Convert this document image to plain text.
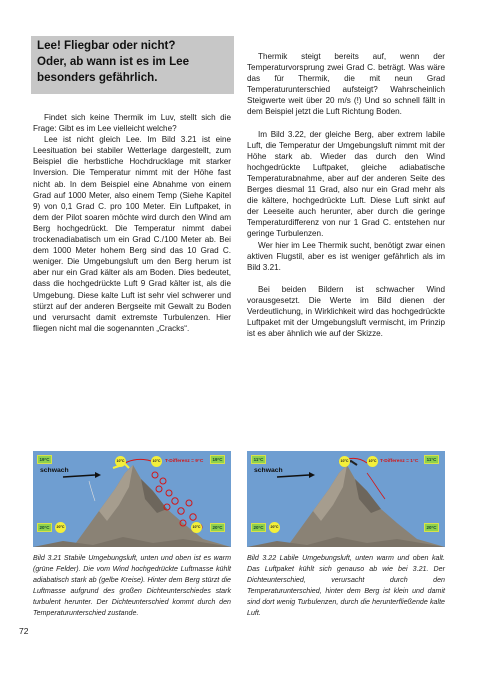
Lee! Fliegbar oder nicht?
Oder, ab wann ist es im Lee
besonders gefährlich.

Findet sich keine Thermik im Luv, stellt sich die Frage: Gibt es im Lee vielleicht welche?

Lee ist nicht gleich Lee. Im Bild 3.21 ist eine Leesituation bei stabiler Wetterlage dargestellt, zum Beispiel die herbstliche Hochdrucklage mit starker Inversion. Die Temperatur nimmt mit der Höhe fast nicht ab. In dem Beispiel eine Abnahme von einem Grad auf 1000 Meter, also einem Temp (Siehe Kapitel 9) von 0,1 Grad C. pro 100 Meter. Ein Luftpaket, in dem der Pilot soaren möchte wird durch den Wind am Berg hochgedrückt. Die Temperatur nimmt dabei trockenadiabatisch um ein Grad C./100 Meter ab. Bei dem 1000 Meter hohem Berg sind das 10 Grad C. weniger. Die Umgebungsluft um den Berg herum ist aber nur ein Grad kälter als am Boden. Dies bedeutet, dass die hochgedrückte Luft 9 Grad kälter ist, als die Umgebung. Diese kalte Luft ist sehr viel schwerer und stürzt auf der anderen Bergseite mit Gewalt zu Boden und verursacht damit extremste Turbulenzen. Hier fliegen nicht mal die sogenannten „Cracks“.

Thermik steigt bereits auf, wenn der Temperaturvorsprung zwei Grad C. beträgt. Was wäre das für Thermik, die mit neun Grad Temperaturunterschied aufsteigt? Wahrscheinlich Steigwerte weit über 20 m/s (!) Und so schnell fällt in dem Beispiel jetzt die Luft Richtung Boden.

Im Bild 3.22, der gleiche Berg, aber extrem labile Luft, die Temperatur der Umgebungsluft nimmt mit der Höhe stark ab. Wieder das durch den Wind hochgedrückte Luftpaket, gleiche adiabatische Temperaturabnahme, aber auf der anderen Seite des Berges diesmal 11 Grad, also nur ein Grad mehr als die kältere, hochgedrückte Luft. Diese Luft sinkt auf der Leeseite auch herunter, aber durch die geringe Temperaturdifferenz von nur 1 Grad C. entstehen nur geringe Turbulenzen.

Wer hier im Lee Thermik sucht, benötigt zwar einen aktiven Flugstil, aber es ist weniger gefährlich als im Bild 3.21.

Bei beiden Bildern ist schwacher Wind vorausgesetzt. Die Werte im Bild dienen der Verdeutlichung, in Wirklichkeit wird das hochgedrückte Luftpaket mit der Umgebungsluft vermischt, im Prinzip ist es aber ähnlich wie auf der Skizze.

19°C	19°C
20°C	20°C
20°C
10°C	10°C
10°C
T-Differenz = 9°C
schwach
11°C	11°C
20°C	20°C
20°C
10°C	10°C T-Differenz = 1°C
schwach
Bild 3.21 Stabile Umgebungsluft, unten und oben ist es warm (grüne Felder). Die vom Wind hochgedrückte Luftmasse kühlt adiabatisch stark ab (gelbe Kreise). Hinter dem Berg stürzt die Luftmasse aufgrund des großen Dichteunterschiedes stark turbulent herunter. Der Dichteunterschied kommt durch den Temperaturunterschied zustande.
Bild 3.22 Labile Umgebungsluft, unten warm und oben kalt. Das Luftpaket kühlt sich genauso ab wie bei 3.21. Der Dichteunterschied, verursacht durch den Temperaturunterschied, hinter dem Berg ist klein und damit sind dort wenig Turbulenzen, durch die herunterfließende kalte Luft.
72
